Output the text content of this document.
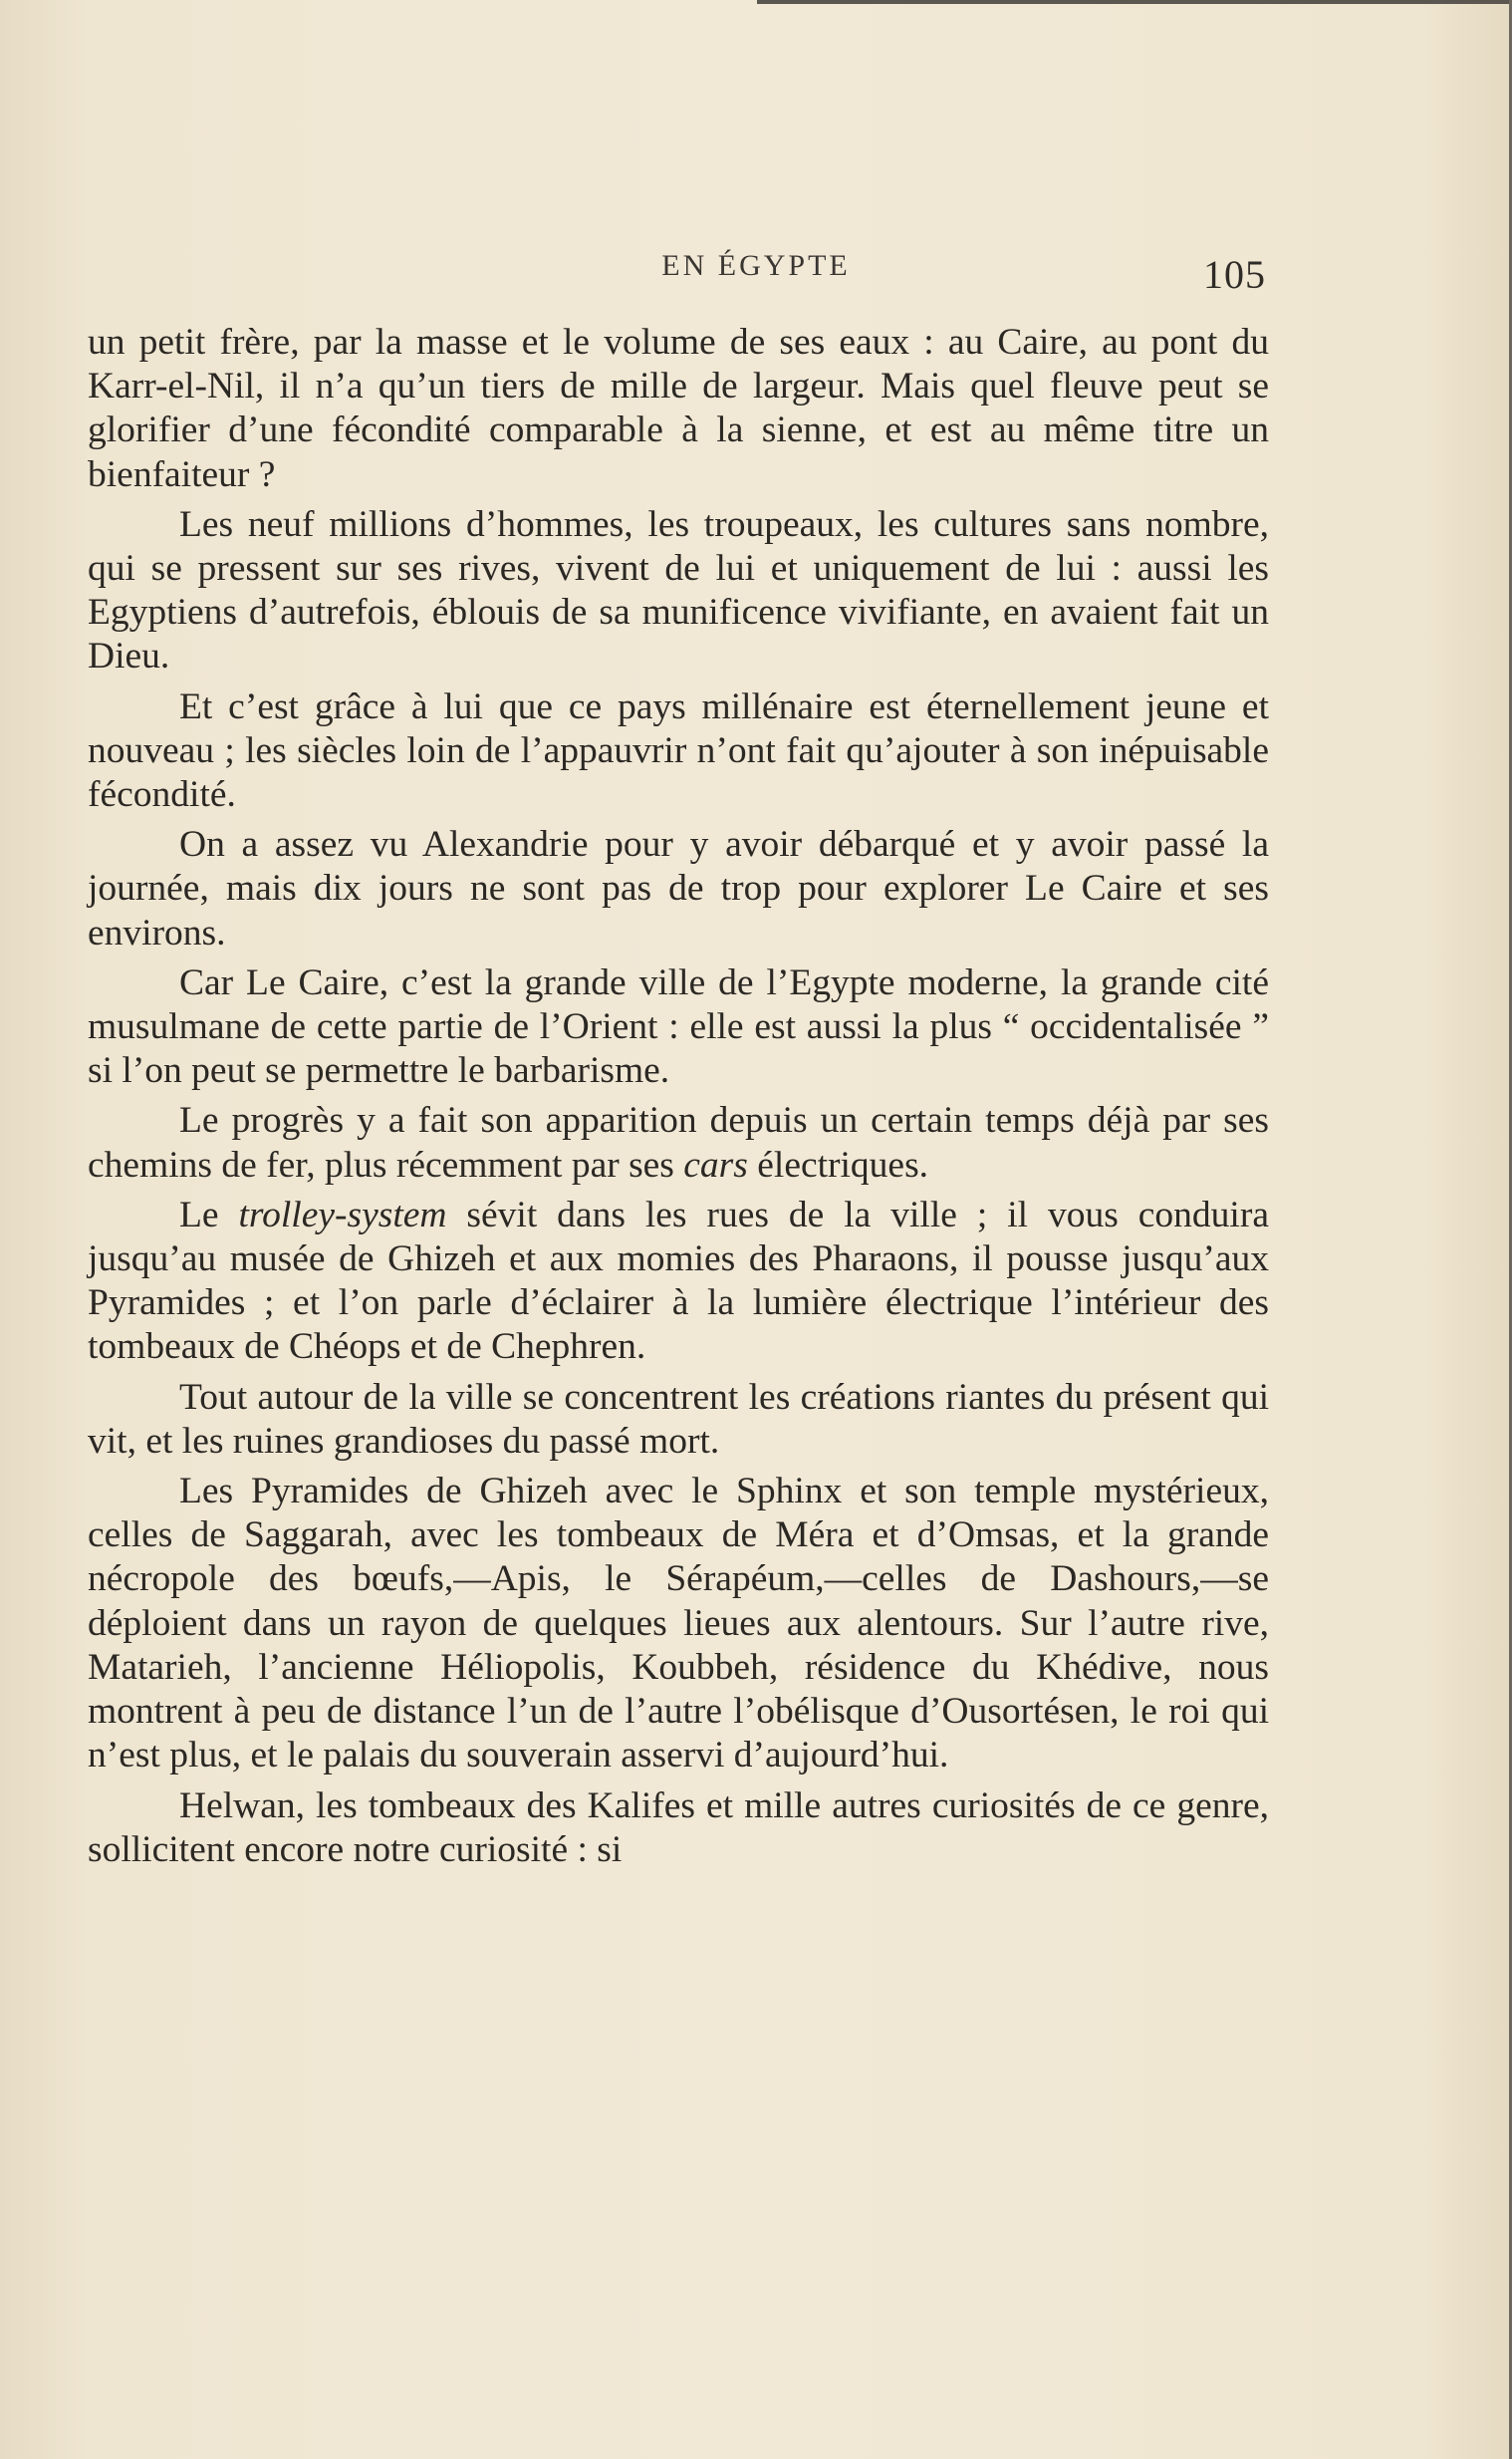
EN ÉGYPTE	105

un petit frère, par la masse et le volume de ses eaux : au Caire, au pont du Karr-el-Nil, il n’a qu’un tiers de mille de largeur. Mais quel fleuve peut se glorifier d’une fécondité comparable à la sienne, et est au même titre un bienfaiteur ?

Les neuf millions d’hommes, les troupeaux, les cultures sans nombre, qui se pressent sur ses rives, vivent de lui et uniquement de lui : aussi les Egyptiens d’autrefois, éblouis de sa munificence vivifiante, en avaient fait un Dieu.

Et c’est grâce à lui que ce pays millénaire est éternellement jeune et nouveau ; les siècles loin de l’appauvrir n’ont fait qu’ajouter à son inépuisable fécondité.

On a assez vu Alexandrie pour y avoir débarqué et y avoir passé la journée, mais dix jours ne sont pas de trop pour explorer Le Caire et ses environs.

Car Le Caire, c’est la grande ville de l’Egypte moderne, la grande cité musulmane de cette partie de l’Orient : elle est aussi la plus “ occidentalisée ” si l’on peut se permettre le barbarisme.

Le progrès y a fait son apparition depuis un certain temps déjà par ses chemins de fer, plus récemment par ses cars électriques.

Le trolley-system sévit dans les rues de la ville ; il vous conduira jusqu’au musée de Ghizeh et aux momies des Pharaons, il pousse jusqu’aux Pyramides ; et l’on parle d’éclairer à la lumière électrique l’intérieur des tombeaux de Chéops et de Chephren.

Tout autour de la ville se concentrent les créations riantes du présent qui vit, et les ruines grandioses du passé mort.

Les Pyramides de Ghizeh avec le Sphinx et son temple mystérieux, celles de Saggarah, avec les tombeaux de Méra et d’Omsas, et la grande nécropole des bœufs,—Apis, le Sérapéum,—celles de Dashours,—se déploient dans un rayon de quelques lieues aux alentours. Sur l’autre rive, Matarieh, l’ancienne Héliopolis, Koubbeh, résidence du Khédive, nous montrent à peu de distance l’un de l’autre l’obélisque d’Ousortésen, le roi qui n’est plus, et le palais du souverain asservi d’aujourd’hui.

Helwan, les tombeaux des Kalifes et mille autres curiosités de ce genre, sollicitent encore notre curiosité : si
